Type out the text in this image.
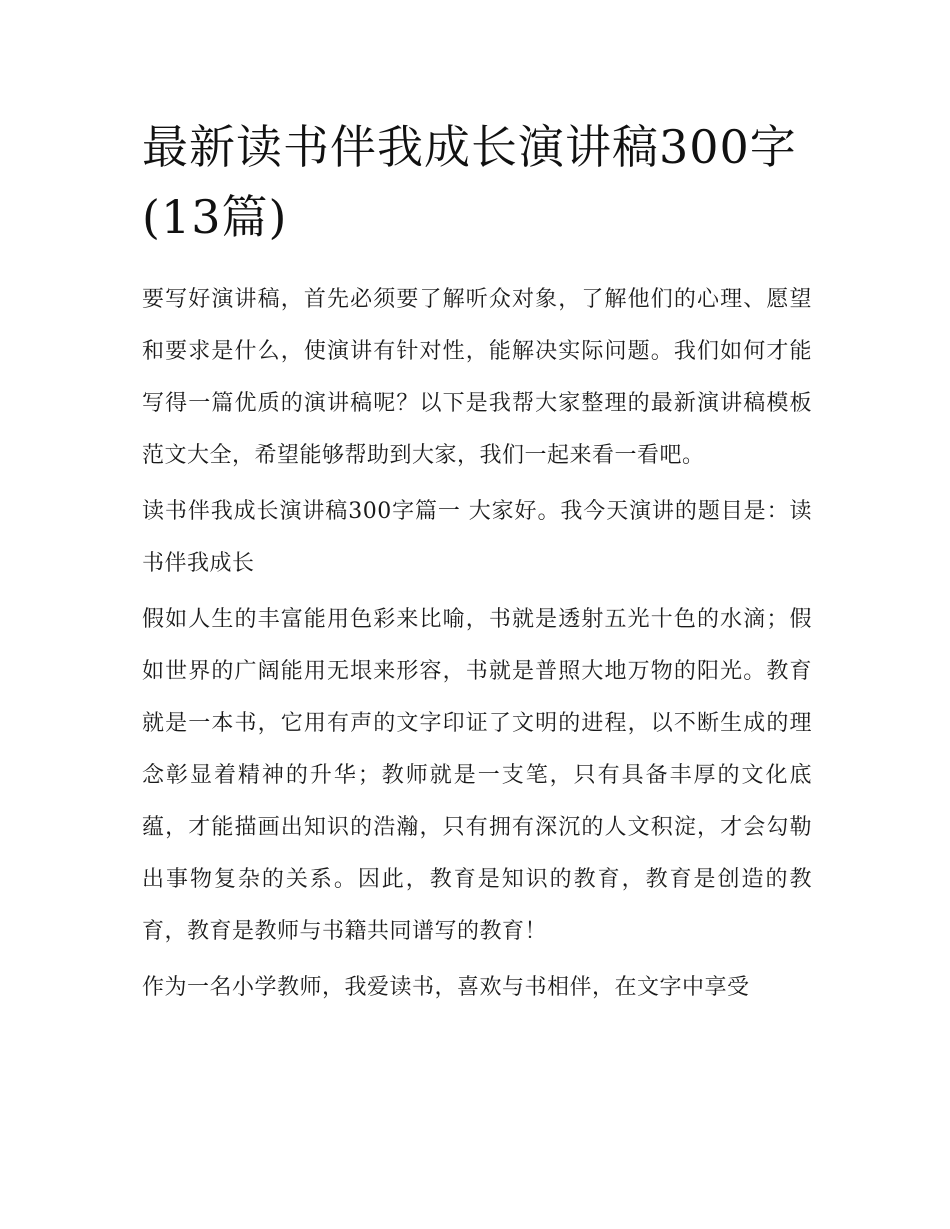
最新读书伴我成长演讲稿300字(13篇)

要写好演讲稿，首先必须要了解听众对象，了解他们的心理、愿望和要求是什么，使演讲有针对性，能解决实际问题。我们如何才能写得一篇优质的演讲稿呢？以下是我帮大家整理的最新演讲稿模板范文大全，希望能够帮助到大家，我们一起来看一看吧。

读书伴我成长演讲稿300字篇一 大家好。我今天演讲的题目是：读书伴我成长

假如人生的丰富能用色彩来比喻，书就是透射五光十色的水滴；假如世界的广阔能用无垠来形容，书就是普照大地万物的阳光。教育就是一本书，它用有声的文字印证了文明的进程，以不断生成的理念彰显着精神的升华；教师就是一支笔，只有具备丰厚的文化底蕴，才能描画出知识的浩瀚，只有拥有深沉的人文积淀，才会勾勒出事物复杂的关系。因此，教育是知识的教育，教育是创造的教育，教育是教师与书籍共同谱写的教育！

作为一名小学教师，我爱读书，喜欢与书相伴，在文字中享受
